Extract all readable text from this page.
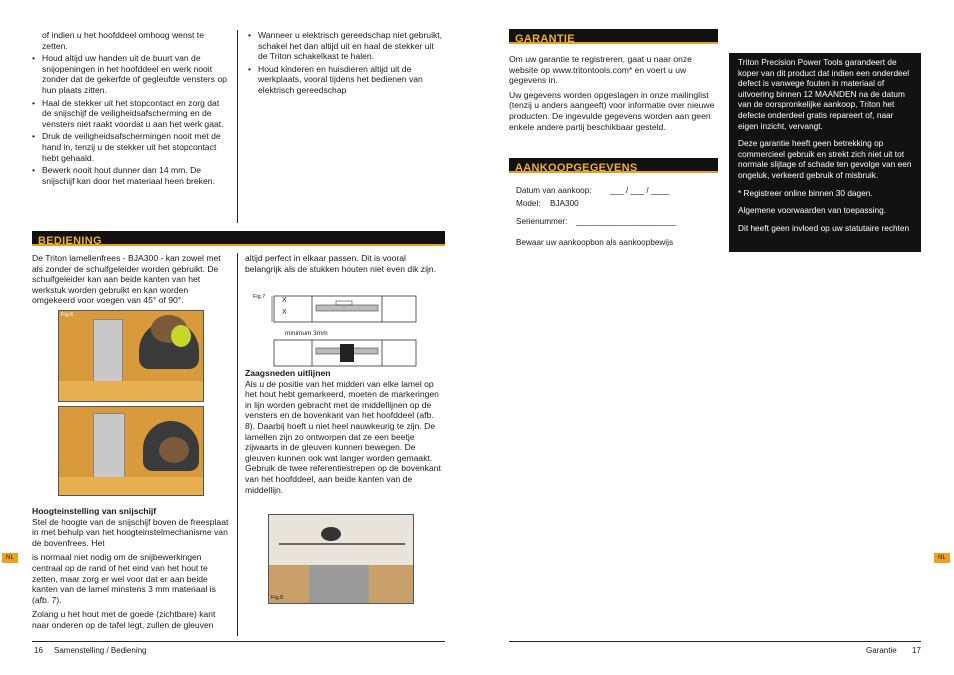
of indien u het hoofddeel omhoog wenst te zetten.
• Houd altijd uw handen uit de buurt van de snijopeningen in het hoofddeel en werk nooit zonder dat de gekerfde of gegleufde vensters op hun plaats zitten.
• Haal de stekker uit het stopcontact en zorg dat de snijschijf de veiligheidsafscherming en de vensters niet raakt voordat u aan het werk gaat.
• Druk de veiligheidsafschermingen nooit met de hand in, tenzij u de stekker uit het stopcontact hebt gehaald.
• Bewerk nooit hout dunner dan 14 mm. De snijschijf kan door het materiaal heen breken.
• Wanneer u elektrisch gereedschap niet gebruikt, schakel het dan altijd uit en haal de stekker uit de Triton schakelkast te halen.
• Houd kinderen en huisdieren altijd uit de werkplaats, vooral tijdens het bedienen van elektrisch gereedschap
BEDIENING
De Triton lamellenfrees - BJA300 - kan zowel met als zonder de schuifgeleider worden gebruikt. De schuifgeleider kan aan beide kanten van het werkstuk worden gebruikt en kan worden omgekeerd voor voegen van 45° of 90°.
Fig.6
Hoogteinstelling van snijschijf

Stel de hoogte van de snijschijf boven de freesplaat in met behulp van het hoogteinstelmechanisme van de bovenfrees. Het

is normaal niet nodig om de snijbewerkingen centraal op de rand of het eind van het hout te zetten, maar zorg er wel voor dat er aan beide kanten van de lamel minstens 3 mm materiaal is (afb. 7).

Zolang u het hout met de goede (zichtbare) kant naar onderen op de tafel legt, zullen de gleuven

altijd perfect in elkaar passen. Dit is vooral belangrijk als de stukken houten niet even dik zijn.
Fig.7 X
X
minimum 3mm
Zaagsneden uitlijnen

Als u de positie van het midden van elke lamel op het hout hebt gemarkeerd, moeten de markeringen in lijn worden gebracht met de middellijnen op de vensters en de bovenkant van het hoofddeel (afb. 8). Daarbij hoeft u niet heel nauwkeurig te zijn. De lamellen zijn zo ontworpen dat ze een beetje zijwaarts in de gleuven kunnen bewegen. De gleuven kunnen ook wat langer worden gemaakt. Gebruik de twee referentiestrepen op de bovenkant van het hoofddeel, aan beide kanten van de middellijn.

Fig.8
NL
16 Samenstelling / Bediening
GARANTIE

Om uw garantie te registreren, gaat u naar onze website op www.tritontools.com* en voert u uw gegevens in.

Uw gegevens worden opgeslagen in onze mailinglist (tenzij u anders aangeeft) voor informatie over nieuwe producten. De ingevulde gegevens worden aan geen enkele andere partij beschikbaar gesteld.

AANKOOPGEGEVENS
Datum van aankoop: ___ / ___ / ____
Model: BJA300
Serienummer: ______________________
Bewaar uw aankoopbon als aankoopbewijs

Triton Precision Power Tools garandeert de koper van dit product dat indien een onderdeel defect is vanwege fouten in materiaal of uitvoering binnen 12 MAANDEN na de datum van de oorspronkelijke aankoop, Triton het defecte onderdeel gratis repareert of, naar eigen inzicht, vervangt.

Deze garantie heeft geen betrekking op commercieel gebruik en strekt zich niet uit tot normale slijtage of schade ten gevolge van een ongeluk, verkeerd gebruik of misbruik.

* Registreer online binnen 30 dagen.

Algemene voorwaarden van toepassing.

Dit heeft geen invloed op uw statutaire rechten

NL
Garantie 17
